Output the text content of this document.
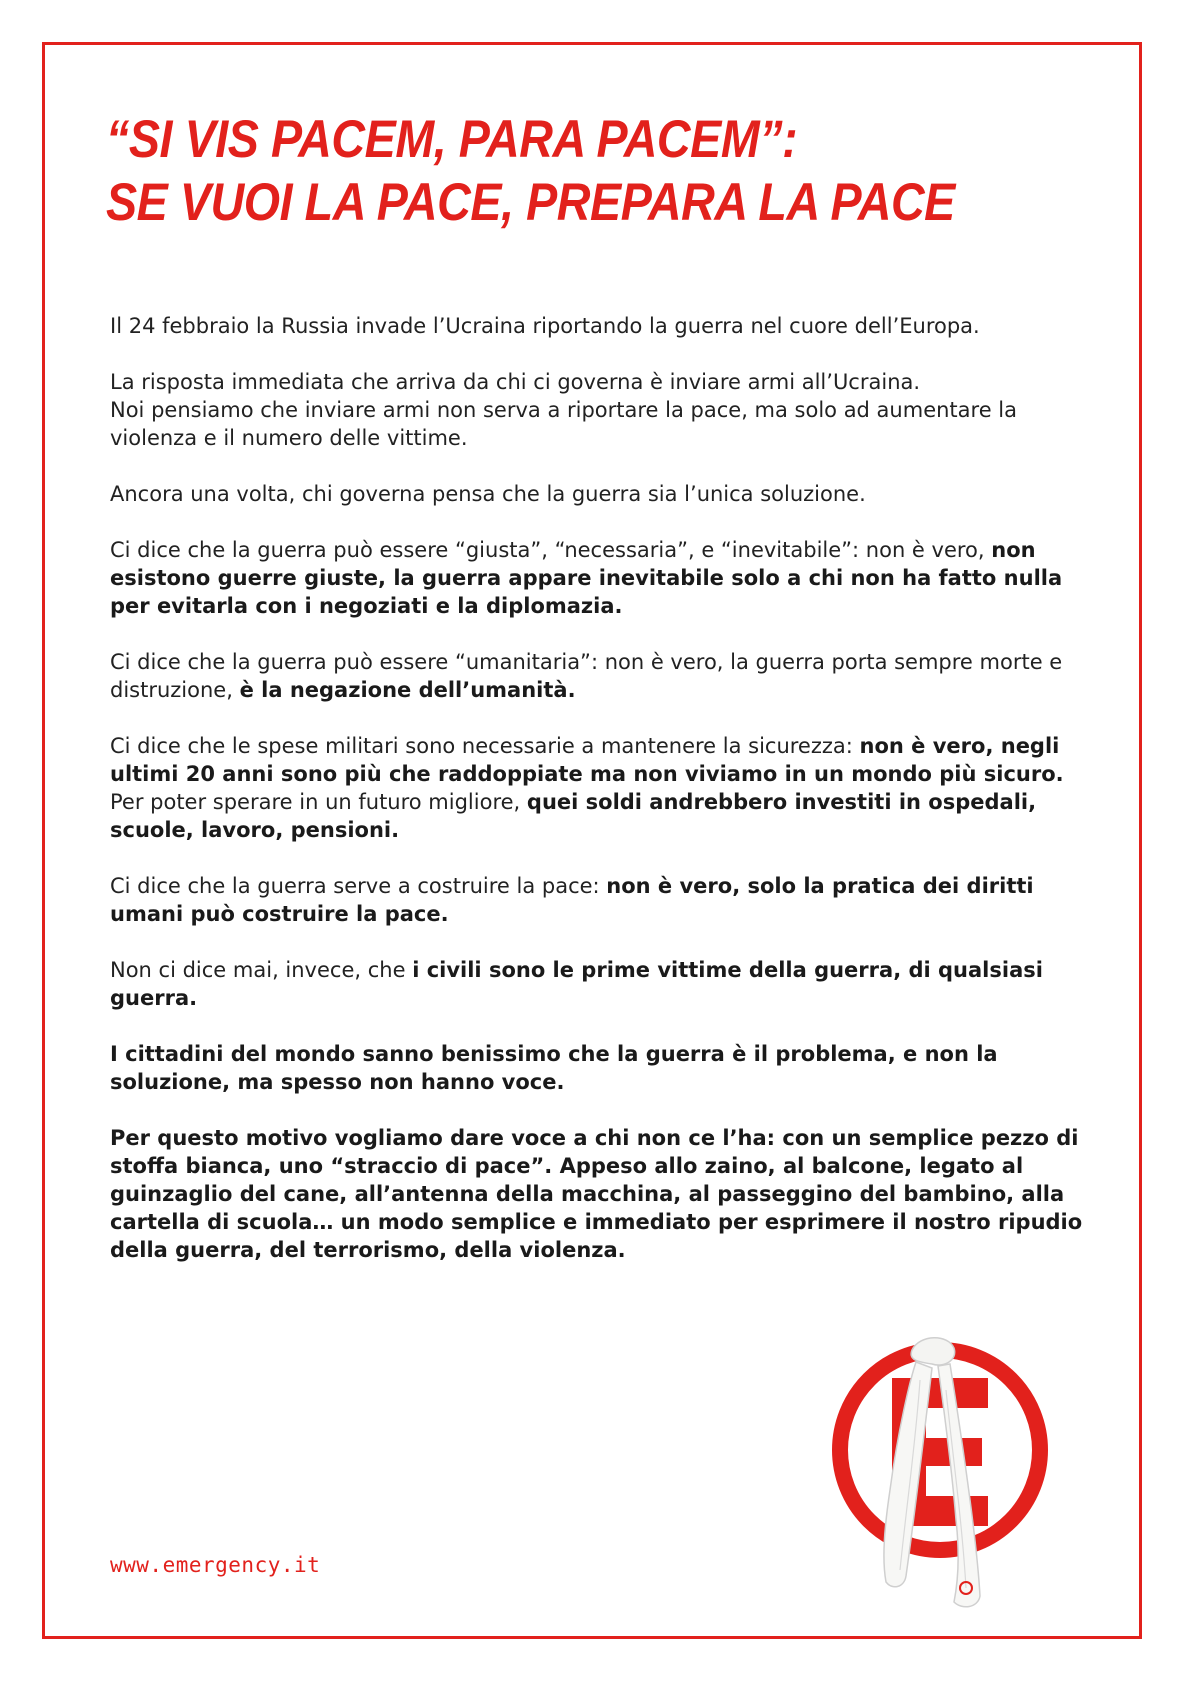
“SI VIS PACEM, PARA PACEM”:
SE VUOI LA PACE, PREPARA LA PACE

Il 24 febbraio la Russia invade l’Ucraina riportando la guerra nel cuore dell’Europa.

La risposta immediata che arriva da chi ci governa è inviare armi all’Ucraina.
Noi pensiamo che inviare armi non serva a riportare la pace, ma solo ad aumentare la violenza e il numero delle vittime.

Ancora una volta, chi governa pensa che la guerra sia l’unica soluzione.

Ci dice che la guerra può essere “giusta”, “necessaria”, e “inevitabile”: non è vero, non esistono guerre giuste, la guerra appare inevitabile solo a chi non ha fatto nulla per evitarla con i negoziati e la diplomazia.

Ci dice che la guerra può essere “umanitaria”: non è vero, la guerra porta sempre morte e distruzione, è la negazione dell’umanità.

Ci dice che le spese militari sono necessarie a mantenere la sicurezza: non è vero, negli ultimi 20 anni sono più che raddoppiate ma non viviamo in un mondo più sicuro. Per poter sperare in un futuro migliore, quei soldi andrebbero investiti in ospedali, scuole, lavoro, pensioni.

Ci dice che la guerra serve a costruire la pace: non è vero, solo la pratica dei diritti umani può costruire la pace.

Non ci dice mai, invece, che i civili sono le prime vittime della guerra, di qualsiasi guerra.

I cittadini del mondo sanno benissimo che la guerra è il problema, e non la soluzione, ma spesso non hanno voce.

Per questo motivo vogliamo dare voce a chi non ce l’ha: con un semplice pezzo di stoffa bianca, uno “straccio di pace”. Appeso allo zaino, al balcone, legato al guinzaglio del cane, all’antenna della macchina, al passeggino del bambino, alla cartella di scuola… un modo semplice e immediato per esprimere il nostro ripudio della guerra, del terrorismo, della violenza.

www.emergency.it
